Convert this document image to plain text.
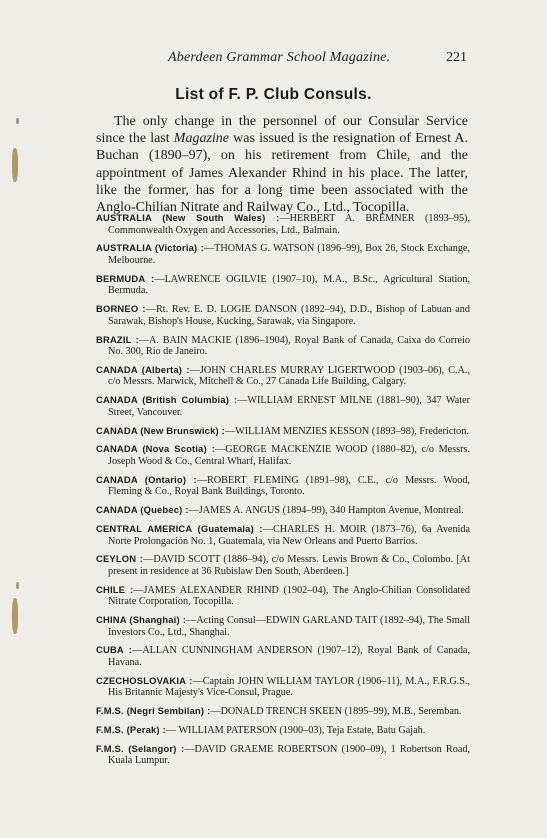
Aberdeen Grammar School Magazine.	221
List of F. P. Club Consuls.

The only change in the personnel of our Consular Service since the last Magazine was issued is the resignation of Ernest A. Buchan (1890–97), on his retirement from Chile, and the appointment of James Alexander Rhind in his place. The latter, like the former, has for a long time been associated with the Anglo-Chilian Nitrate and Railway Co., Ltd., Tocopilla.

AUSTRALIA (New South Wales) :—HERBERT A. BREMNER (1893–95), Commonwealth Oxygen and Accessories, Ltd., Balmain.

AUSTRALIA (Victoria) :—THOMAS G. WATSON (1896–99), Box 26, Stock Exchange, Melbourne.

BERMUDA :—LAWRENCE OGILVIE (1907–10), M.A., B.Sc., Agricultural Station, Bermuda.

BORNEO :—Rt. Rev. E. D. LOGIE DANSON (1892–94), D.D., Bishop of Labuan and Sarawak, Bishop's House, Kucking, Sarawak, via Singapore.

BRAZIL :—A. BAIN MACKIE (1896–1904), Royal Bank of Canada, Caixa do Correio No. 300, Rio de Janeiro.

CANADA (Alberta) :—JOHN CHARLES MURRAY LIGERTWOOD (1903–06), C.A., c/o Messrs. Marwick, Mitchell & Co., 27 Canada Life Building, Calgary.

CANADA (British Columbia) :—WILLIAM ERNEST MILNE (1881–90), 347 Water Street, Vancouver.

CANADA (New Brunswick) :—WILLIAM MENZIES KESSON (1893–98), Fredericton.

CANADA (Nova Scotia) :—GEORGE MACKENZIE WOOD (1880–82), c/o Messrs. Joseph Wood & Co., Central Wharf, Halifax.

CANADA (Ontario) :—ROBERT FLEMING (1891–98), C.E., c/o Messrs. Wood, Fleming & Co., Royal Bank Buildings, Toronto.

CANADA (Quebec) :—JAMES A. ANGUS (1894–99), 340 Hampton Avenue, Montreal.

CENTRAL AMERICA (Guatemala) :—CHARLES H. MOIR (1873–76), 6a Avenida Norte Prolongación No. 1, Guatemala, via New Orleans and Puerto Barrios.

CEYLON :—DAVID SCOTT (1886–94), c/o Messrs. Lewis Brown & Co., Colombo. [At present in residence at 36 Rubislaw Den South, Aberdeen.]

CHILE :—JAMES ALEXANDER RHIND (1902–04), The Anglo-Chilian Consolidated Nitrate Corporation, Tocopilla.

CHINA (Shanghai) :—Acting Consul—EDWIN GARLAND TAIT (1892–94), The Small Investors Co., Ltd., Shanghai.

CUBA :—ALLAN CUNNINGHAM ANDERSON (1907–12), Royal Bank of Canada, Havana.

CZECHOSLOVAKIA :—Captain JOHN WILLIAM TAYLOR (1906–11), M.A., F.R.G.S., His Britannic Majesty's Vice-Consul, Prague.

F.M.S. (Negri Sembilan) :—DONALD TRENCH SKEEN (1895–99), M.B., Seremban.

F.M.S. (Perak) :— WILLIAM PATERSON (1900–03), Teja Estate, Batu Gajah.

F.M.S. (Selangor) :—DAVID GRAEME ROBERTSON (1900–09), 1 Robertson Road, Kuala Lumpur.
